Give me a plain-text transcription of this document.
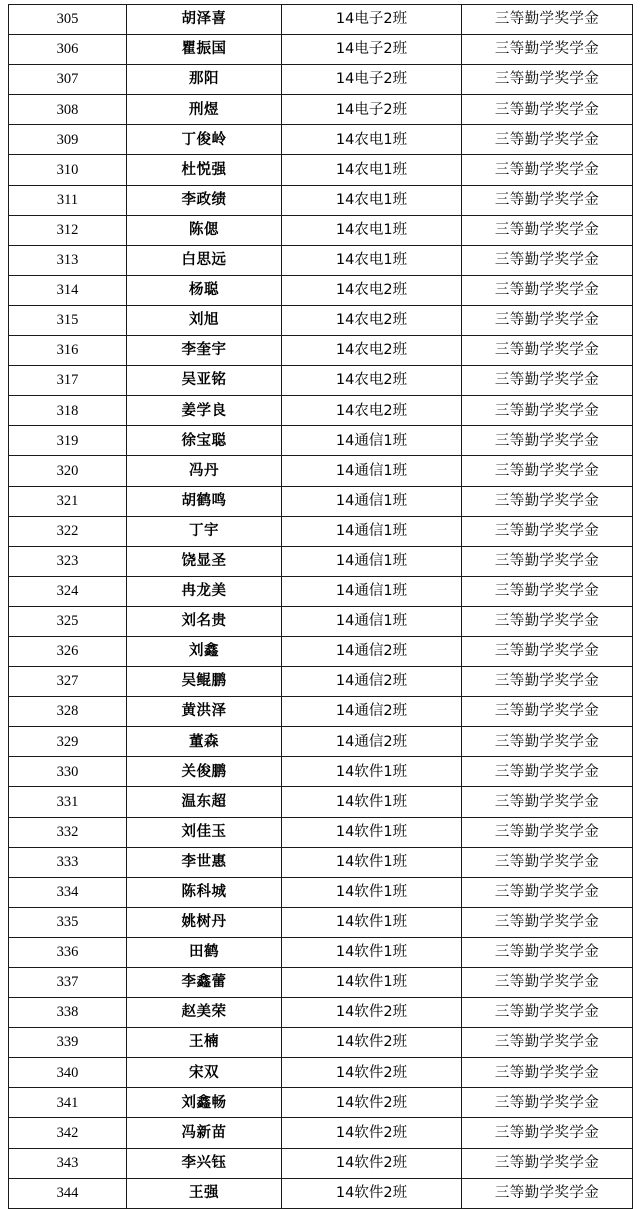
305	胡泽喜	14电子2班	三等勤学奖学金
306	瞿振国	14电子2班	三等勤学奖学金
307	那阳	14电子2班	三等勤学奖学金
308	刑煜	14电子2班	三等勤学奖学金
309	丁俊岭	14农电1班	三等勤学奖学金
310	杜悦强	14农电1班	三等勤学奖学金
311	李政绩	14农电1班	三等勤学奖学金
312	陈偲	14农电1班	三等勤学奖学金
313	白思远	14农电1班	三等勤学奖学金
314	杨聪	14农电2班	三等勤学奖学金
315	刘旭	14农电2班	三等勤学奖学金
316	李奎宇	14农电2班	三等勤学奖学金
317	吴亚铭	14农电2班	三等勤学奖学金
318	姜学良	14农电2班	三等勤学奖学金
319	徐宝聪	14通信1班	三等勤学奖学金
320	冯丹	14通信1班	三等勤学奖学金
321	胡鹤鸣	14通信1班	三等勤学奖学金
322	丁宇	14通信1班	三等勤学奖学金
323	饶显圣	14通信1班	三等勤学奖学金
324	冉龙美	14通信1班	三等勤学奖学金
325	刘名贵	14通信1班	三等勤学奖学金
326	刘鑫	14通信2班	三等勤学奖学金
327	吴鲲鹏	14通信2班	三等勤学奖学金
328	黄洪泽	14通信2班	三等勤学奖学金
329	董森	14通信2班	三等勤学奖学金
330	关俊鹏	14软件1班	三等勤学奖学金
331	温东超	14软件1班	三等勤学奖学金
332	刘佳玉	14软件1班	三等勤学奖学金
333	李世惠	14软件1班	三等勤学奖学金
334	陈科城	14软件1班	三等勤学奖学金
335	姚树丹	14软件1班	三等勤学奖学金
336	田鹤	14软件1班	三等勤学奖学金
337	李鑫蕾	14软件1班	三等勤学奖学金
338	赵美荣	14软件2班	三等勤学奖学金
339	王楠	14软件2班	三等勤学奖学金
340	宋双	14软件2班	三等勤学奖学金
341	刘鑫畅	14软件2班	三等勤学奖学金
342	冯新苗	14软件2班	三等勤学奖学金
343	李兴钰	14软件2班	三等勤学奖学金
344	王强	14软件2班	三等勤学奖学金
